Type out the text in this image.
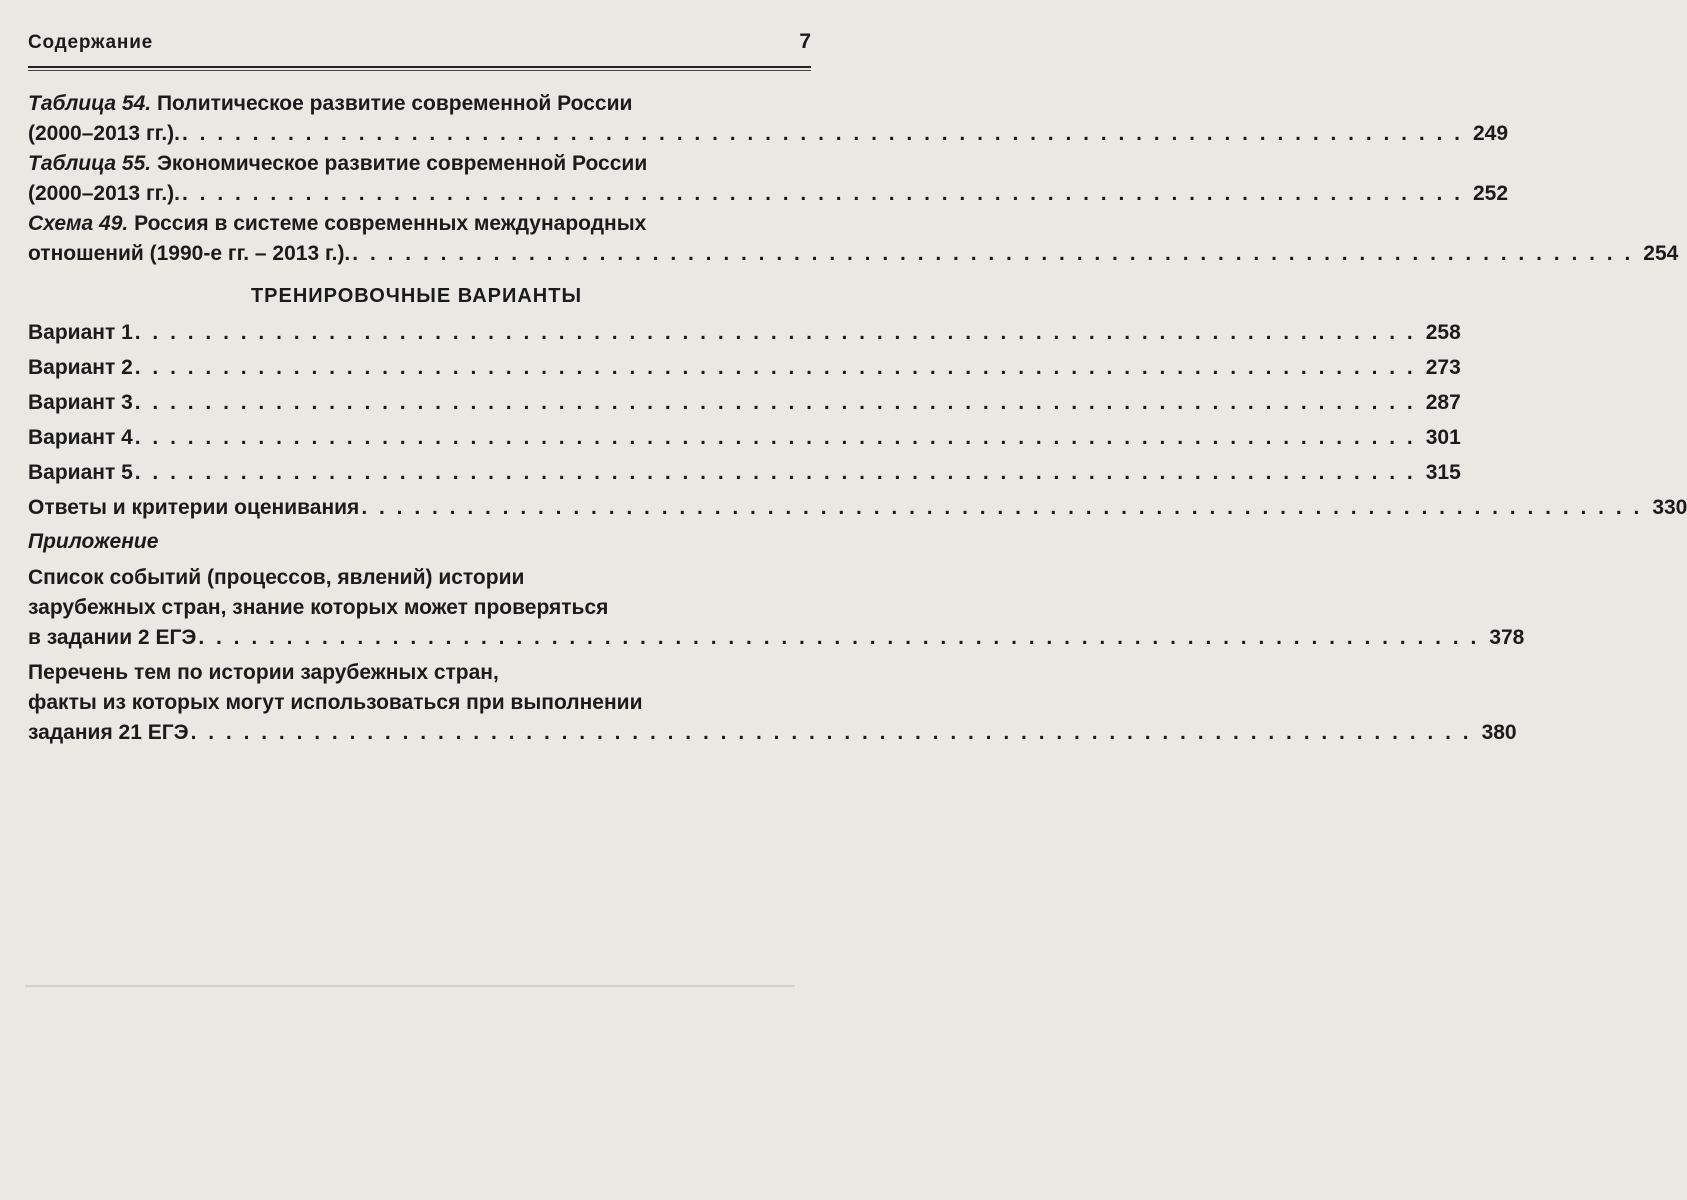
Содержание	7
Таблица 54. Политическое развитие современной России
(2000–2013 гг.). . . . . . . . . . . . . . . . . . . . . . . . . . . . . . . . . . . . . . . . . . . . . . . . . . . . . . . . . . . . . . . . . . . . . . . . . . 249
Таблица 55. Экономическое развитие современной России
(2000–2013 гг.). . . . . . . . . . . . . . . . . . . . . . . . . . . . . . . . . . . . . . . . . . . . . . . . . . . . . . . . . . . . . . . . . . . . . . . . . . 252
Схема 49. Россия в системе современных международных
отношений (1990-е гг. – 2013 г.). . . . . . . . . . . . . . . . . . . . . . . . . . . . . . . . . . . . . . . . . . . . . . . . . . . . . . . . . . . . . . . . . . . . . . . . . . 254
ТРЕНИРОВОЧНЫЕ ВАРИАНТЫ
Вариант 1 . . . . . . . . . . . . . . . . . . . . . . . . . . . . . . . . . . . . . . . . . . . . . . . . . . . . . . . . . . . . . . . . . . . . . . . . . 258
Вариант 2 . . . . . . . . . . . . . . . . . . . . . . . . . . . . . . . . . . . . . . . . . . . . . . . . . . . . . . . . . . . . . . . . . . . . . . . . . 273
Вариант 3 . . . . . . . . . . . . . . . . . . . . . . . . . . . . . . . . . . . . . . . . . . . . . . . . . . . . . . . . . . . . . . . . . . . . . . . . . 287
Вариант 4 . . . . . . . . . . . . . . . . . . . . . . . . . . . . . . . . . . . . . . . . . . . . . . . . . . . . . . . . . . . . . . . . . . . . . . . . . 301
Вариант 5 . . . . . . . . . . . . . . . . . . . . . . . . . . . . . . . . . . . . . . . . . . . . . . . . . . . . . . . . . . . . . . . . . . . . . . . . . 315
Ответы и критерии оценивания . . . . . . . . . . . . . . . . . . . . . . . . . . . . . . . . . . . . . . . . . . . . . . . . . . . . . . . . . . . . . . . . . . . . . . . . . 330
Приложение
Список событий (процессов, явлений) истории
зарубежных стран, знание которых может проверяться
в задании 2 ЕГЭ . . . . . . . . . . . . . . . . . . . . . . . . . . . . . . . . . . . . . . . . . . . . . . . . . . . . . . . . . . . . . . . . . . . . . . . . . 378
Перечень тем по истории зарубежных стран,
факты из которых могут использоваться при выполнении
задания 21 ЕГЭ . . . . . . . . . . . . . . . . . . . . . . . . . . . . . . . . . . . . . . . . . . . . . . . . . . . . . . . . . . . . . . . . . . . . . . . . . 380
